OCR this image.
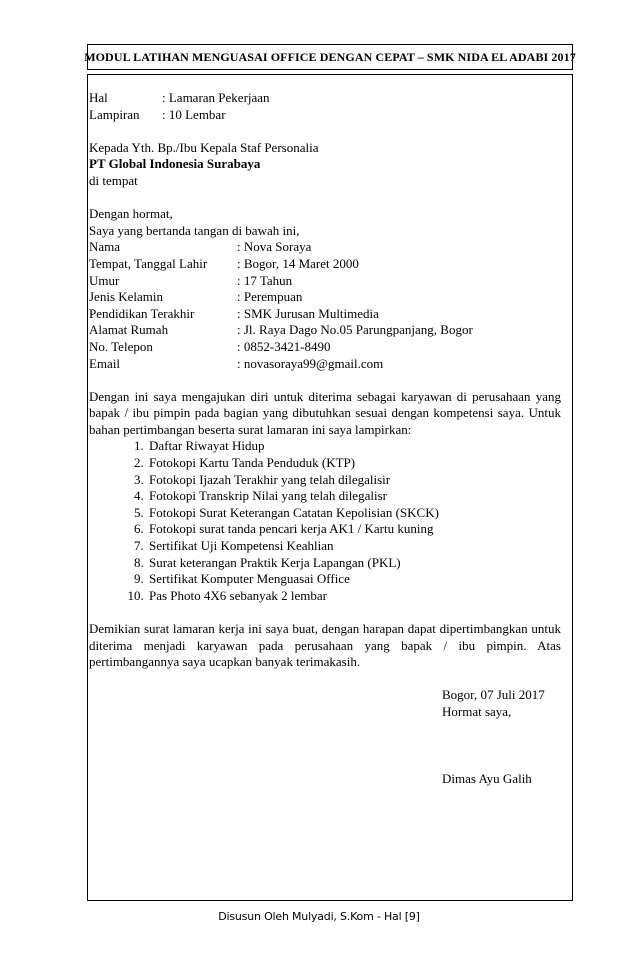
MODUL LATIHAN MENGUASAI OFFICE DENGAN CEPAT – SMK NIDA EL ADABI 2017
Hal	: Lamaran Pekerjaan
Lampiran	: 10 Lembar
Kepada Yth. Bp./Ibu Kepala Staf Personalia
PT Global Indonesia Surabaya
di tempat
Dengan hormat,
Saya yang bertanda tangan di bawah ini,
Nama	: Nova Soraya
Tempat, Tanggal Lahir	: Bogor, 14 Maret 2000
Umur	: 17 Tahun
Jenis Kelamin	: Perempuan
Pendidikan Terakhir	: SMK Jurusan Multimedia
Alamat Rumah	: Jl. Raya Dago No.05 Parungpanjang, Bogor
No. Telepon	: 0852-3421-8490
Email	: novasoraya99@gmail.com
Dengan ini saya mengajukan diri untuk diterima sebagai karyawan di perusahaan yang bapak / ibu pimpin pada bagian yang dibutuhkan sesuai dengan kompetensi saya. Untuk bahan pertimbangan beserta surat lamaran ini saya lampirkan:
1. Daftar Riwayat Hidup
2. Fotokopi Kartu Tanda Penduduk (KTP)
3. Fotokopi Ijazah Terakhir yang telah dilegalisir
4. Fotokopi Transkrip Nilai yang telah dilegalisr
5. Fotokopi Surat Keterangan Catatan Kepolisian (SKCK)
6. Fotokopi surat tanda pencari kerja AK1 / Kartu kuning
7. Sertifikat Uji Kompetensi Keahlian
8. Surat keterangan Praktik Kerja Lapangan (PKL)
9. Sertifikat Komputer Menguasai Office
10. Pas Photo 4X6 sebanyak 2 lembar
Demikian surat lamaran kerja ini saya buat, dengan harapan dapat dipertimbangkan untuk diterima menjadi karyawan pada perusahaan yang bapak / ibu pimpin. Atas pertimbangannya saya ucapkan banyak terimakasih.
Bogor, 07 Juli 2017
Hormat saya,
Dimas Ayu Galih
Disusun Oleh Mulyadi, S.Kom - Hal [9]
